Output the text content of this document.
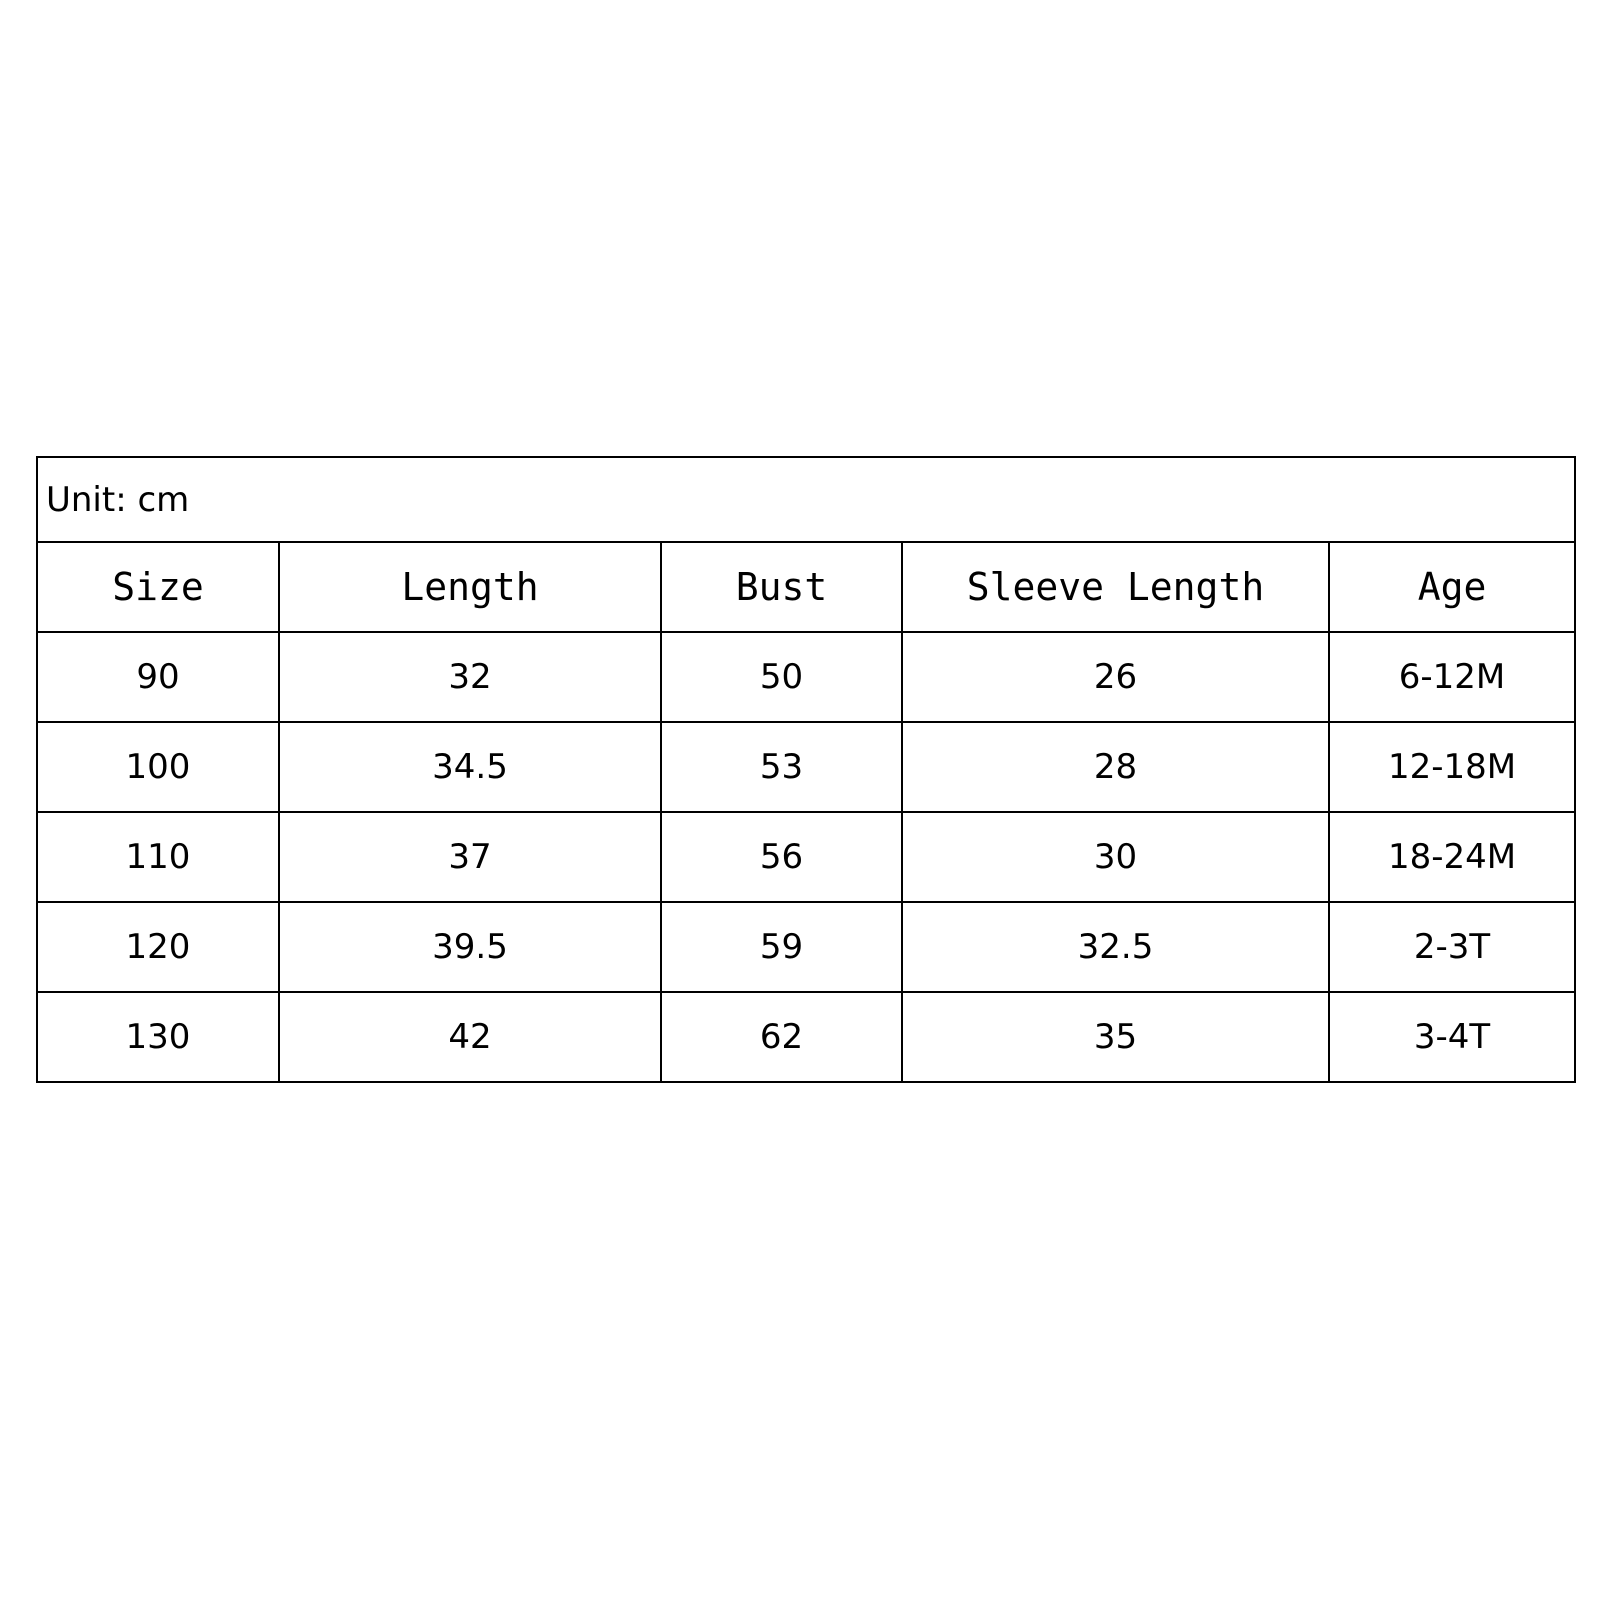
Unit: cm				
Size	Length	Bust	Sleeve Length	Age
90	32	50	26	6-12M
100	34.5	53	28	12-18M
110	37	56	30	18-24M
120	39.5	59	32.5	2-3T
130	42	62	35	3-4T
